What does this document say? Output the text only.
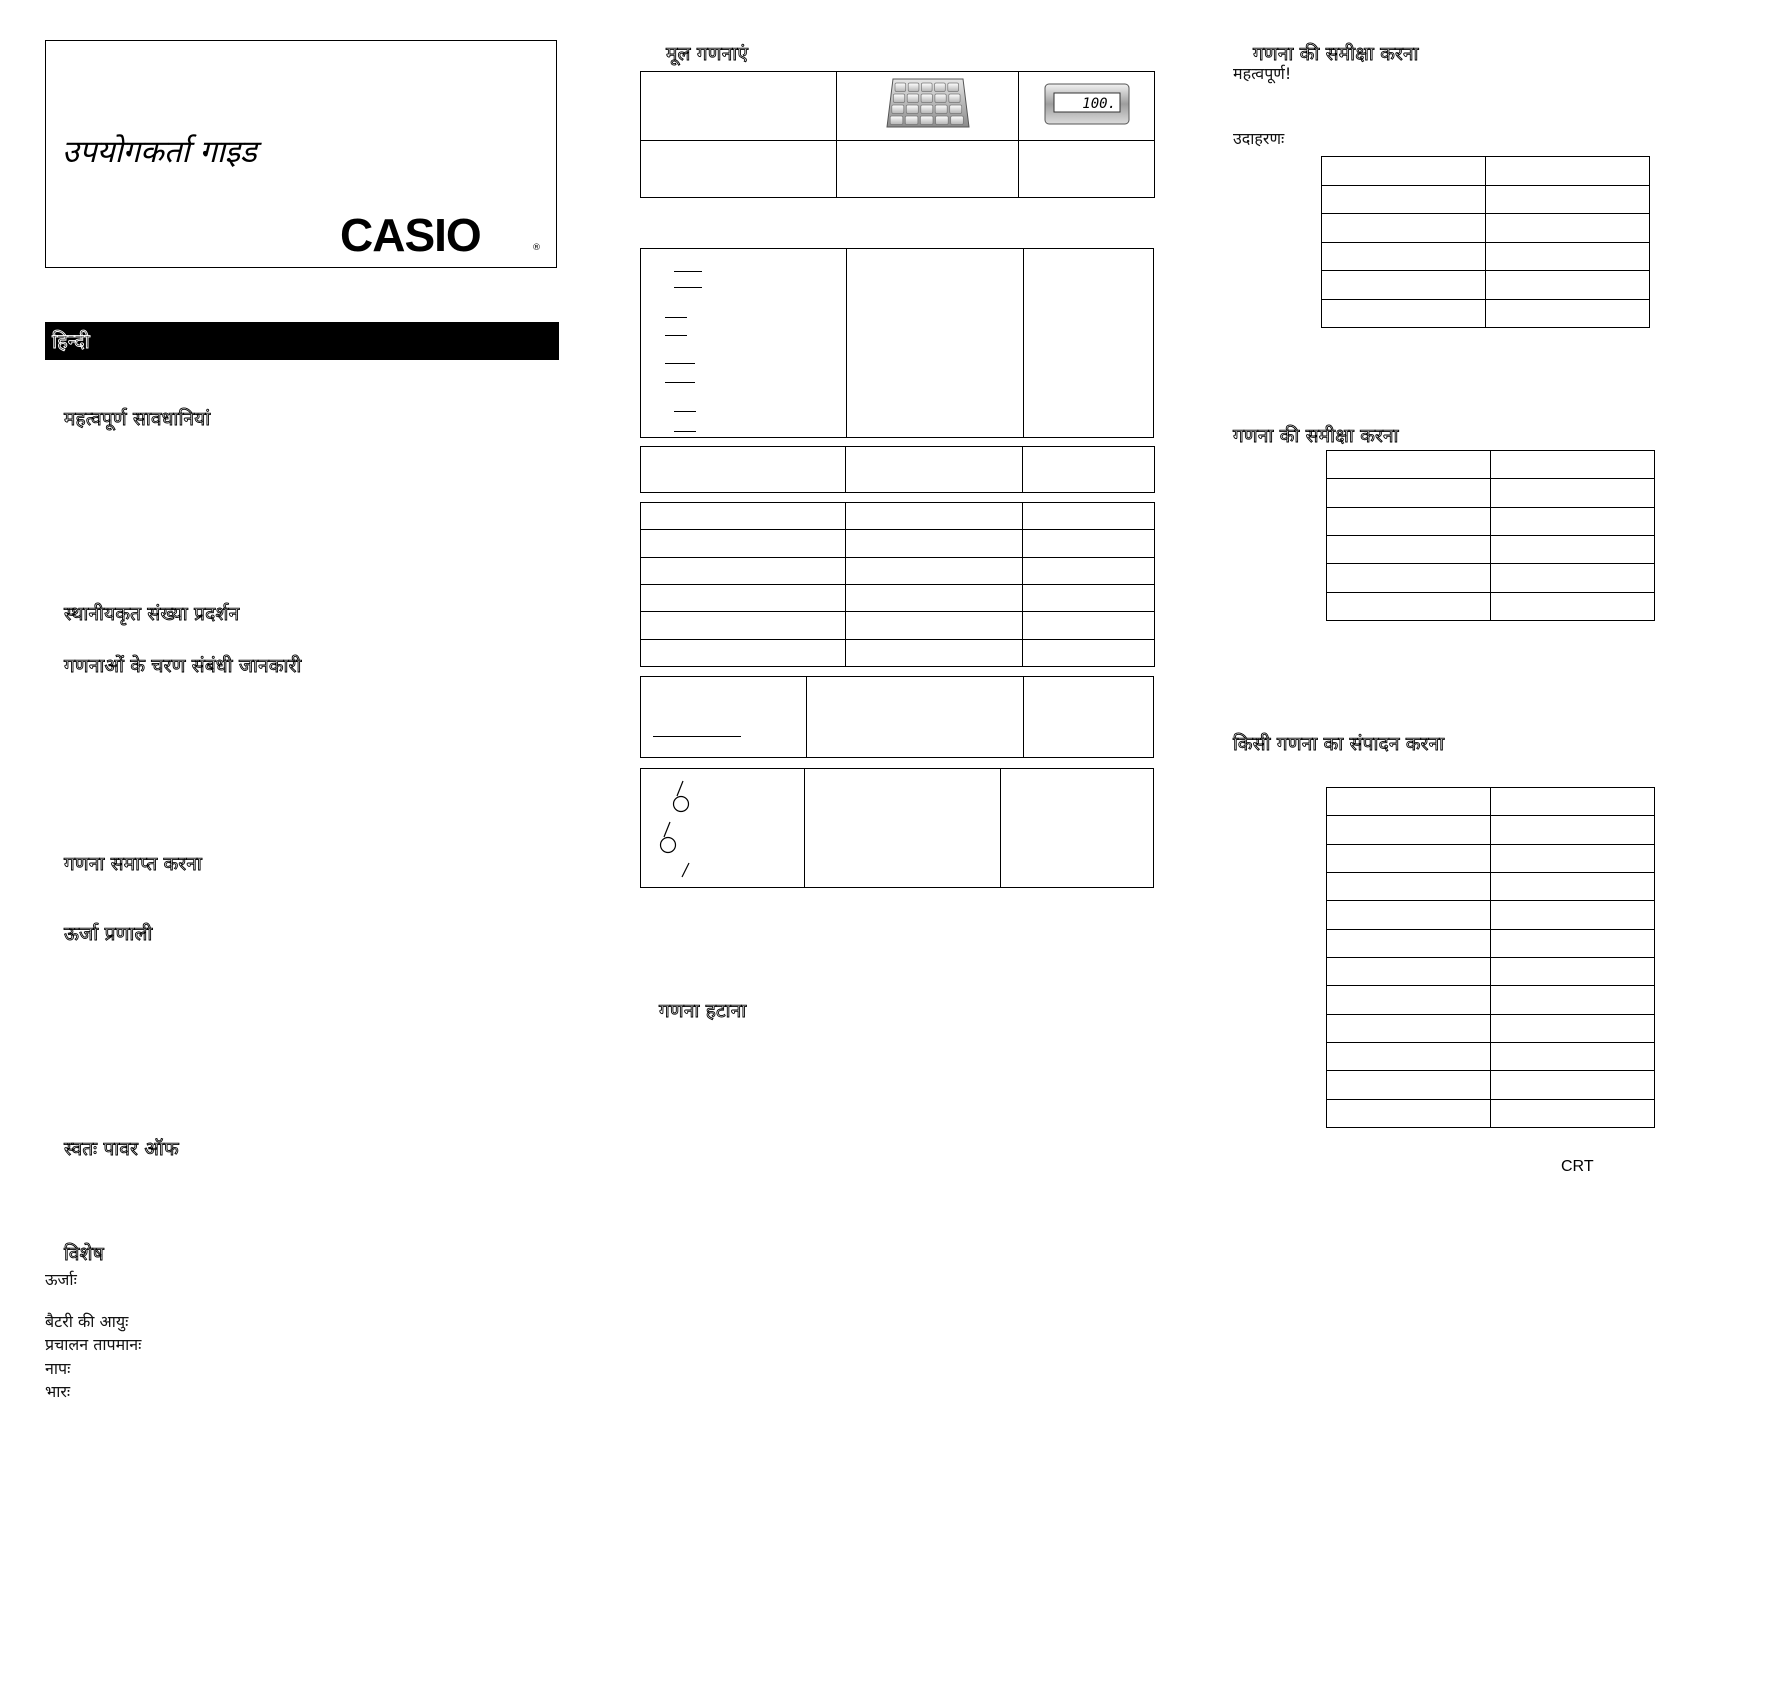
उपयोगकर्ता गाइड
CASIO	®
हिन्दी
महत्वपूर्ण सावधानियां
स्थानीयकृत संख्या प्रदर्शन
गणनाओं के चरण संबंधी जानकारी
गणना समाप्त करना
ऊर्जा प्रणाली
स्वतः पावर ऑफ
विशेष
ऊर्जाः
बैटरी की आयुः
प्रचालन तापमानः
नापः
भारः
मूल गणनाएं

100.

गणना हटाना
गणना की समीक्षा करना
महत्वपूर्ण!
उदाहरणः

गणना की समीक्षा करना

किसी गणना का संपादन करना

CRT
